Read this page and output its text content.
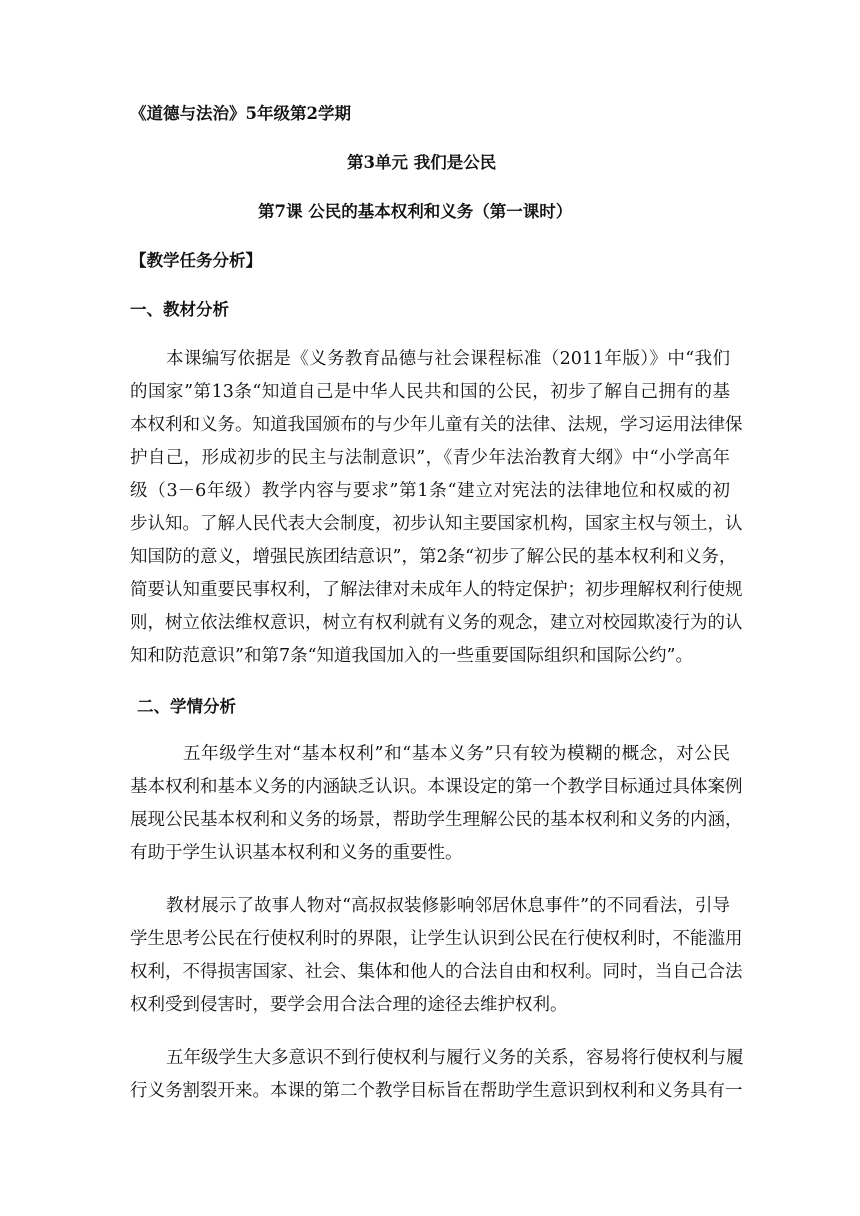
《道德与法治》5年级第2学期
第3单元 我们是公民
第7课 公民的基本权利和义务（第一课时）
【教学任务分析】
一、教材分析
本课编写依据是《义务教育品德与社会课程标准（2011年版）》中“我们
的国家”第13条“知道自己是中华人民共和国的公民，初步了解自己拥有的基
本权利和义务。知道我国颁布的与少年儿童有关的法律、法规，学习运用法律保
护自己，形成初步的民主与法制意识”，《青少年法治教育大纲》中“小学高年
级（3－6年级）教学内容与要求”第1条“建立对宪法的法律地位和权威的初
步认知。了解人民代表大会制度，初步认知主要国家机构，国家主权与领土，认
知国防的意义，增强民族团结意识”，第2条“初步了解公民的基本权利和义务，
简要认知重要民事权利，了解法律对未成年人的特定保护；初步理解权利行使规
则，树立依法维权意识，树立有权利就有义务的观念，建立对校园欺凌行为的认
知和防范意识”和第7条“知道我国加入的一些重要国际组织和国际公约”。
二、学情分析
五年级学生对“基本权利”和“基本义务”只有较为模糊的概念，对公民
基本权利和基本义务的内涵缺乏认识。本课设定的第一个教学目标通过具体案例
展现公民基本权利和义务的场景，帮助学生理解公民的基本权利和义务的内涵，
有助于学生认识基本权利和义务的重要性。
教材展示了故事人物对“高叔叔装修影响邻居休息事件”的不同看法，引导
学生思考公民在行使权利时的界限，让学生认识到公民在行使权利时，不能滥用
权利，不得损害国家、社会、集体和他人的合法自由和权利。同时，当自己合法
权利受到侵害时，要学会用合法合理的途径去维护权利。
五年级学生大多意识不到行使权利与履行义务的关系，容易将行使权利与履
行义务割裂开来。本课的第二个教学目标旨在帮助学生意识到权利和义务具有一
